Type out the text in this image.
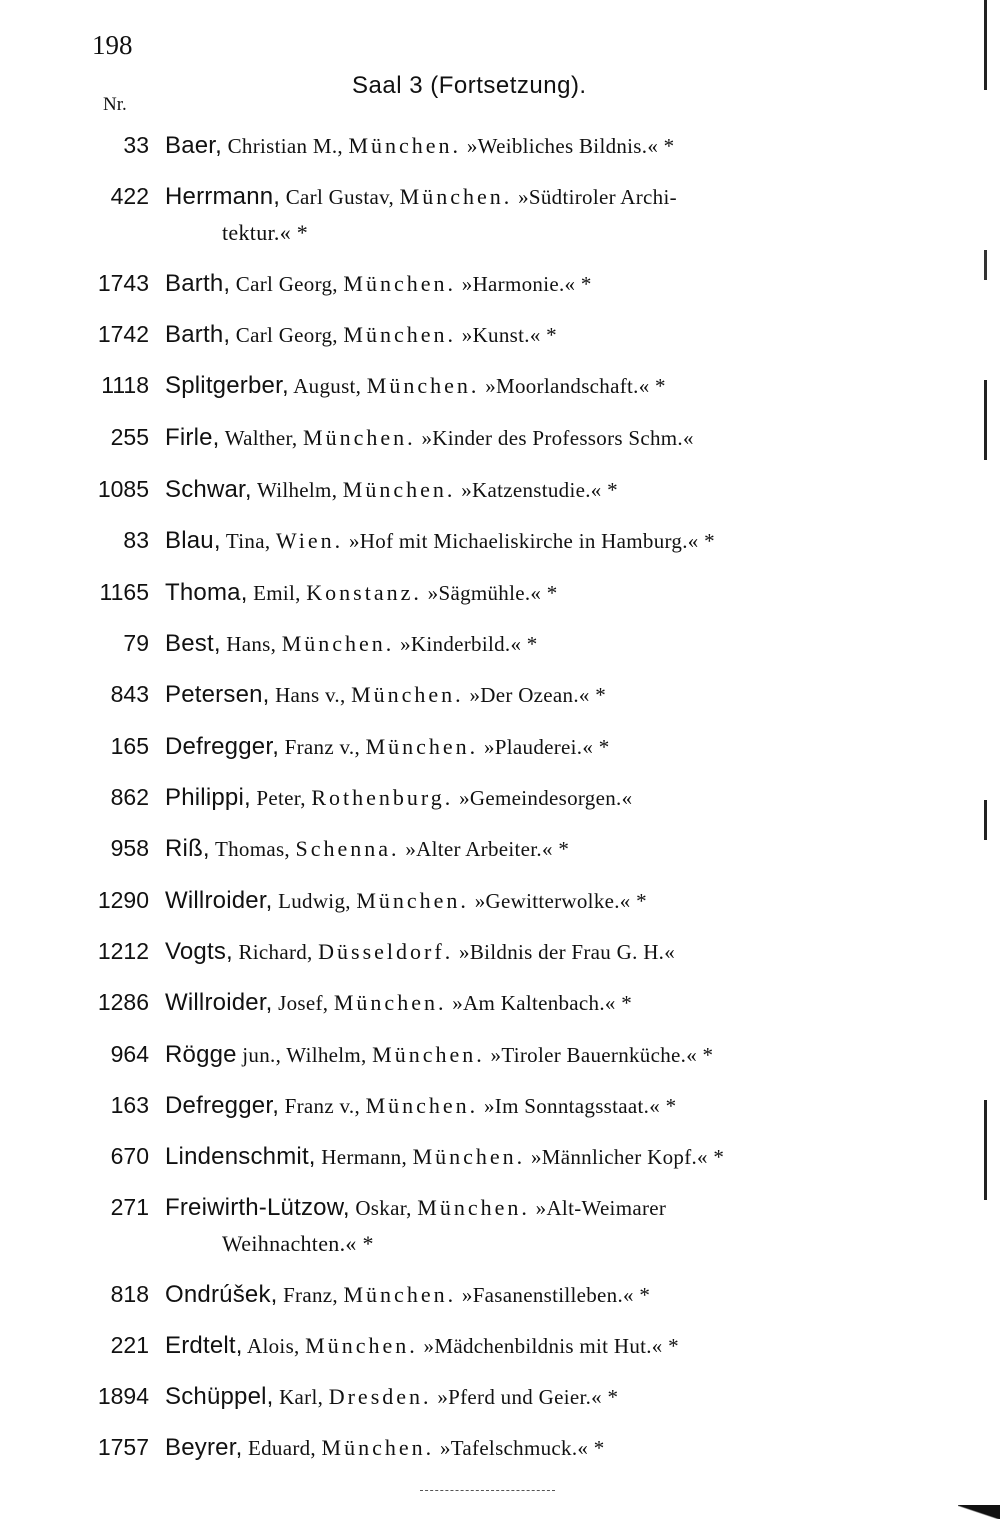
198
Saal 3 (Fortsetzung).
Nr.
33 Baer, Christian M., München. »Weibliches Bildnis.« *
422 Herrmann, Carl Gustav, München. »Südtiroler Archi-
tektur.« *
1743 Barth, Carl Georg, München. »Harmonie.« *
1742 Barth, Carl Georg, München. »Kunst.« *
1118 Splitgerber, August, München. »Moorlandschaft.« *
255 Firle, Walther, München. »Kinder des Professors Schm.«
1085 Schwar, Wilhelm, München. »Katzenstudie.« *
83 Blau, Tina, Wien. »Hof mit Michaeliskirche in Hamburg.« *
1165 Thoma, Emil, Konstanz. »Sägmühle.« *
79 Best, Hans, München. »Kinderbild.« *
843 Petersen, Hans v., München. »Der Ozean.« *
165 Defregger, Franz v., München. »Plauderei.« *
862 Philippi, Peter, Rothenburg. »Gemeindesorgen.«
958 Riß, Thomas, Schenna. »Alter Arbeiter.« *
1290 Willroider, Ludwig, München. »Gewitterwolke.« *
1212 Vogts, Richard, Düsseldorf. »Bildnis der Frau G. H.«
1286 Willroider, Josef, München. »Am Kaltenbach.« *
964 Rögge jun., Wilhelm, München. »Tiroler Bauernküche.« *
163 Defregger, Franz v., München. »Im Sonntagsstaat.« *
670 Lindenschmit, Hermann, München. »Männlicher Kopf.« *
271 Freiwirth-Lützow, Oskar, München. »Alt-Weimarer
Weihnachten.« *
818 Ondrúšek, Franz, München. »Fasanenstilleben.« *
221 Erdtelt, Alois, München. »Mädchenbildnis mit Hut.« *
1894 Schüppel, Karl, Dresden. »Pferd und Geier.« *
1757 Beyrer, Eduard, München. »Tafelschmuck.« *
